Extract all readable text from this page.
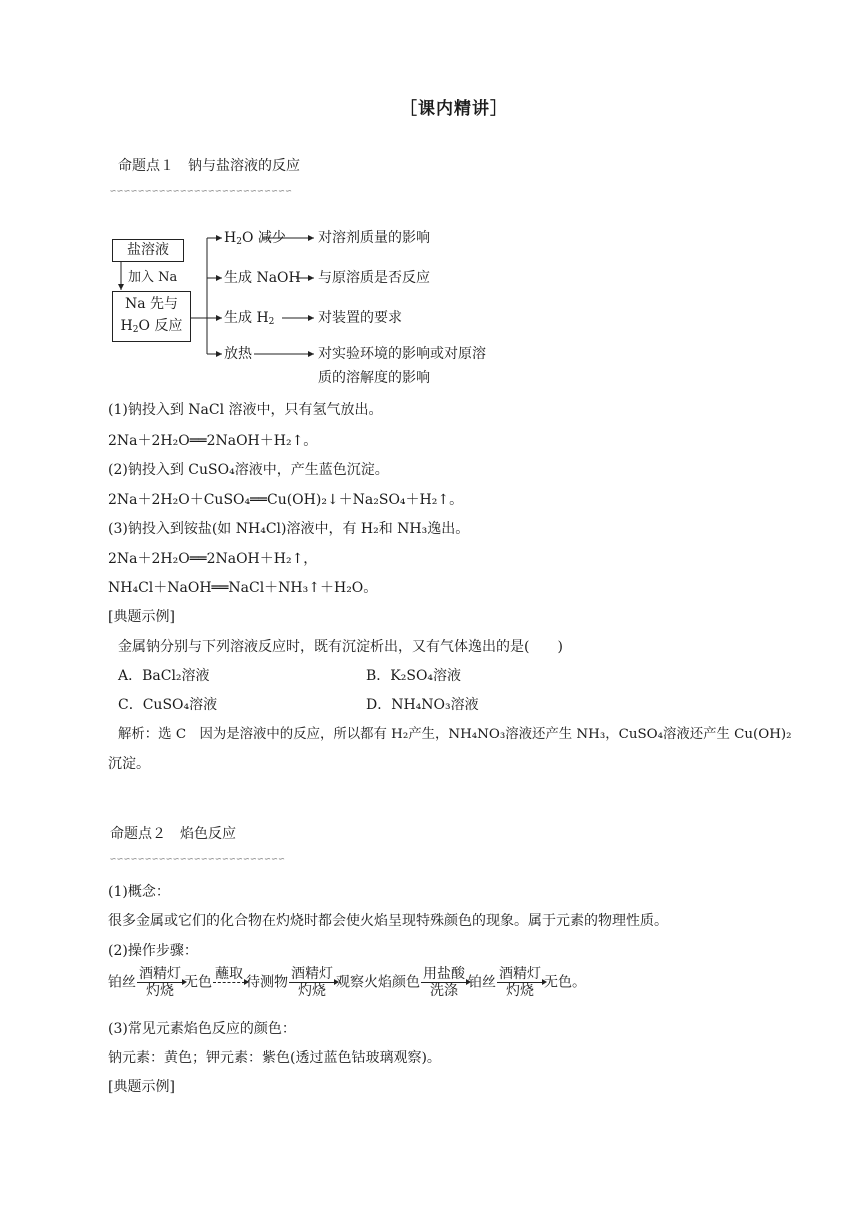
［课内精讲］
命题点１　钠与盐溶液的反应
∽∽∽∽∽∽∽∽∽∽∽∽∽∽∽∽∽∽∽∽∽∽∽∽∽∽
盐溶液
加入 Na
Na 先与
$H_2O$ 反应
$H_2O$ 减少 对溶剂质量的影响
生成 NaOH 与原溶质是否反应
生成 $H_2$	对装置的要求
放热	对实验环境的影响或对原溶
质的溶解度的影响
(1)钠投入到 NaCl 溶液中，只有氢气放出。
2Na＋2H₂O══2NaOH＋H₂↑。
(2)钠投入到 CuSO₄溶液中，产生蓝色沉淀。
2Na＋2H₂O＋CuSO₄══Cu(OH)₂↓＋Na₂SO₄＋H₂↑。
(3)钠投入到铵盐(如 NH₄Cl)溶液中，有 H₂和 NH₃逸出。
2Na＋2H₂O══2NaOH＋H₂↑，
NH₄Cl＋NaOH══NaCl＋NH₃↑＋H₂O。
[典题示例]
金属钠分别与下列溶液反应时，既有沉淀析出，又有气体逸出的是(　　)
A．BaCl₂溶液	B．K₂SO₄溶液
C．CuSO₄溶液	D．NH₄NO₃溶液
解析：选 C　因为是溶液中的反应，所以都有 H₂产生，NH₄NO₃溶液还产生 NH₃，CuSO₄溶液还产生 Cu(OH)₂
沉淀。
命题点２　焰色反应
∽∽∽∽∽∽∽∽∽∽∽∽∽∽∽∽∽∽∽∽∽∽∽∽∽
(1)概念：
很多金属或它们的化合物在灼烧时都会使火焰呈现特殊颜色的现象。属于元素的物理性质。
(2)操作步骤：
铂丝 $\frac{\text{酒精灯}}{\text{灼烧}}$ 无色
蘸取
待测物 $\frac{\text{酒精灯}}{\text{灼烧}}$ 观察火焰颜色 $\frac{\text{用盐酸}}{\text{洗涤}}$ 铂丝 $\frac{\text{酒精灯}}{\text{灼烧}}$ 无色。
(3)常见元素焰色反应的颜色：
钠元素：黄色；钾元素：紫色(透过蓝色钴玻璃观察)。
[典题示例]
